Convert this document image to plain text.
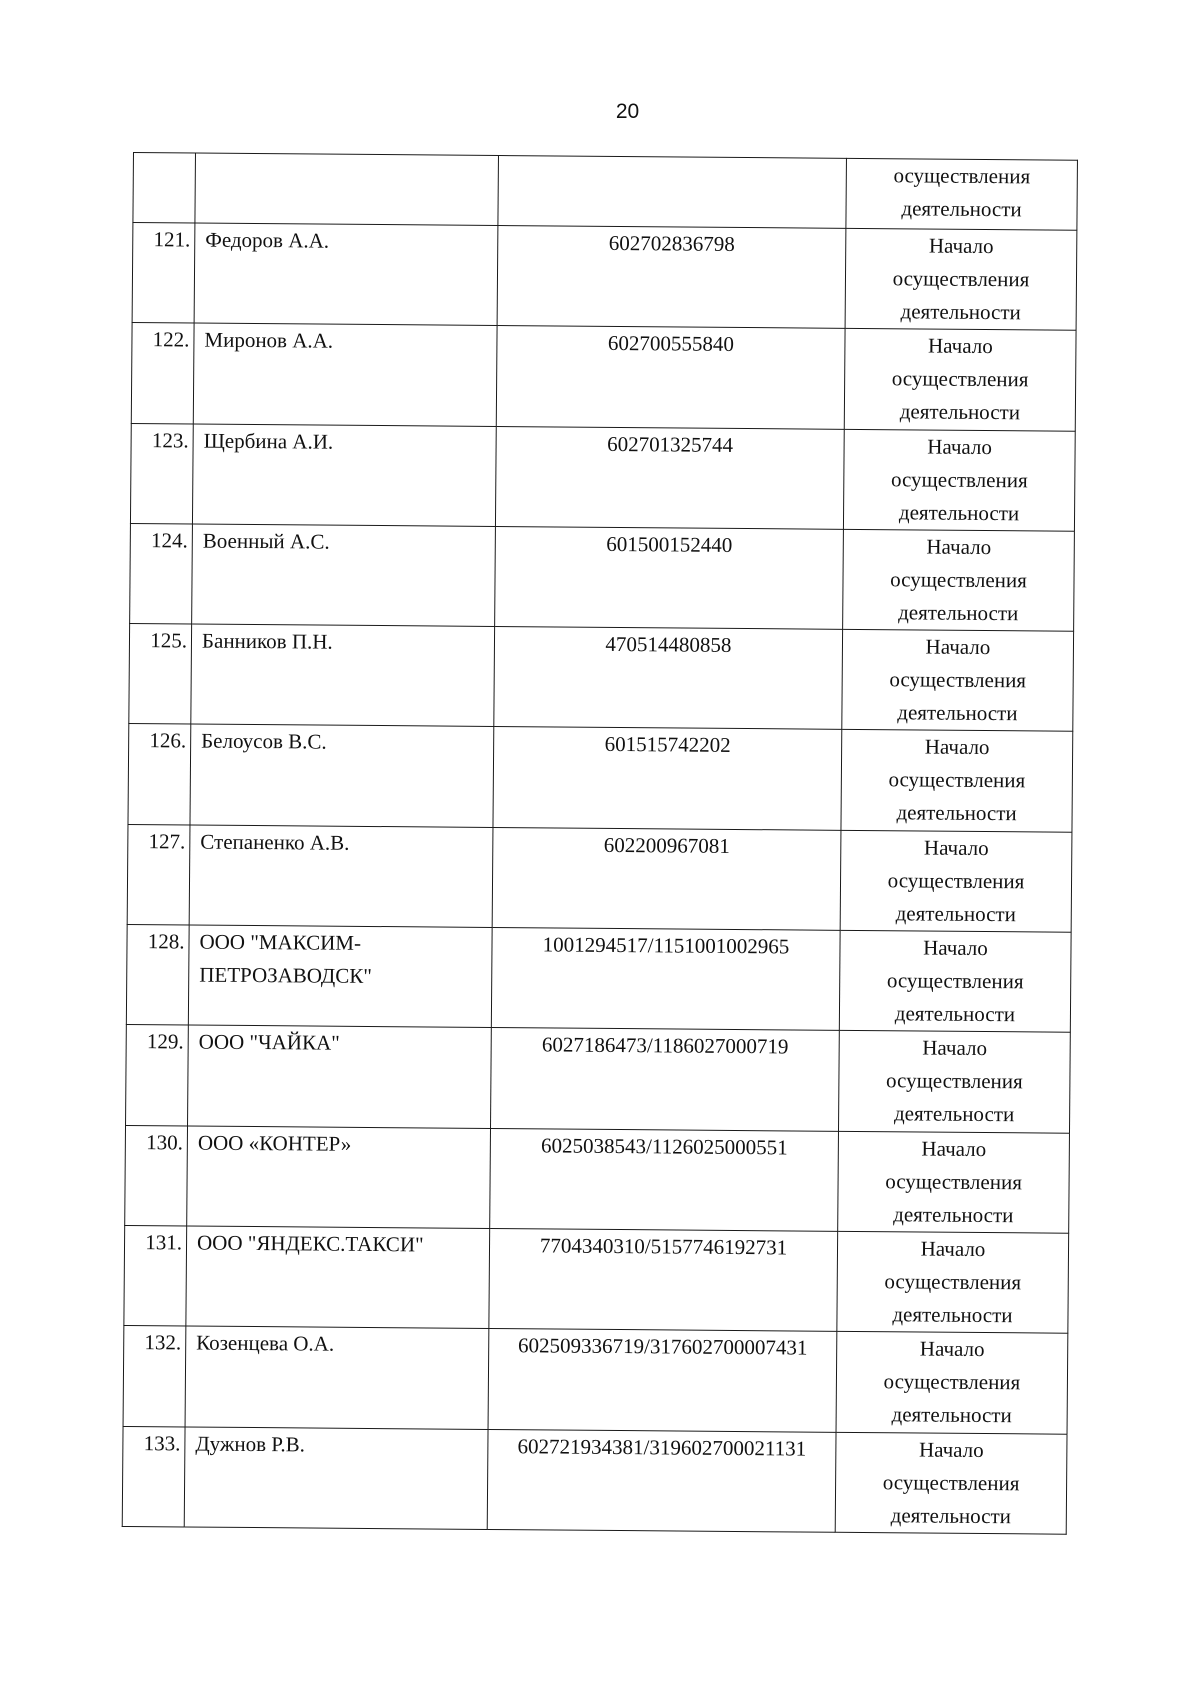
20

			осуществления
деятельности

121.	Федоров А.А.	602702836798	Начало
осуществления
деятельности

122.	Миронов А.А.	602700555840	Начало
осуществления
деятельности

123.	Щербина А.И.	602701325744	Начало
осуществления
деятельности

124.	Военный А.С.	601500152440	Начало
осуществления
деятельности

125.	Банников П.Н.	470514480858	Начало
осуществления
деятельности

126.	Белоусов В.С.	601515742202	Начало
осуществления
деятельности

127.	Степаненко А.В.	602200967081	Начало
осуществления
деятельности

128.	ООО "МАКСИМ-ПЕТРОЗАВОДСК"	1001294517/1151001002965	Начало
осуществления
деятельности

129.	ООО "ЧАЙКА"	6027186473/1186027000719	Начало
осуществления
деятельности

130.	ООО «КОНТЕР»	6025038543/1126025000551	Начало
осуществления
деятельности

131.	ООО "ЯНДЕКС.ТАКСИ"	7704340310/5157746192731	Начало
осуществления
деятельности

132.	Козенцева О.А.	602509336719/317602700007431	Начало
осуществления
деятельности

133.	Дужнов Р.В.	602721934381/319602700021131	Начало
осуществления
деятельности
